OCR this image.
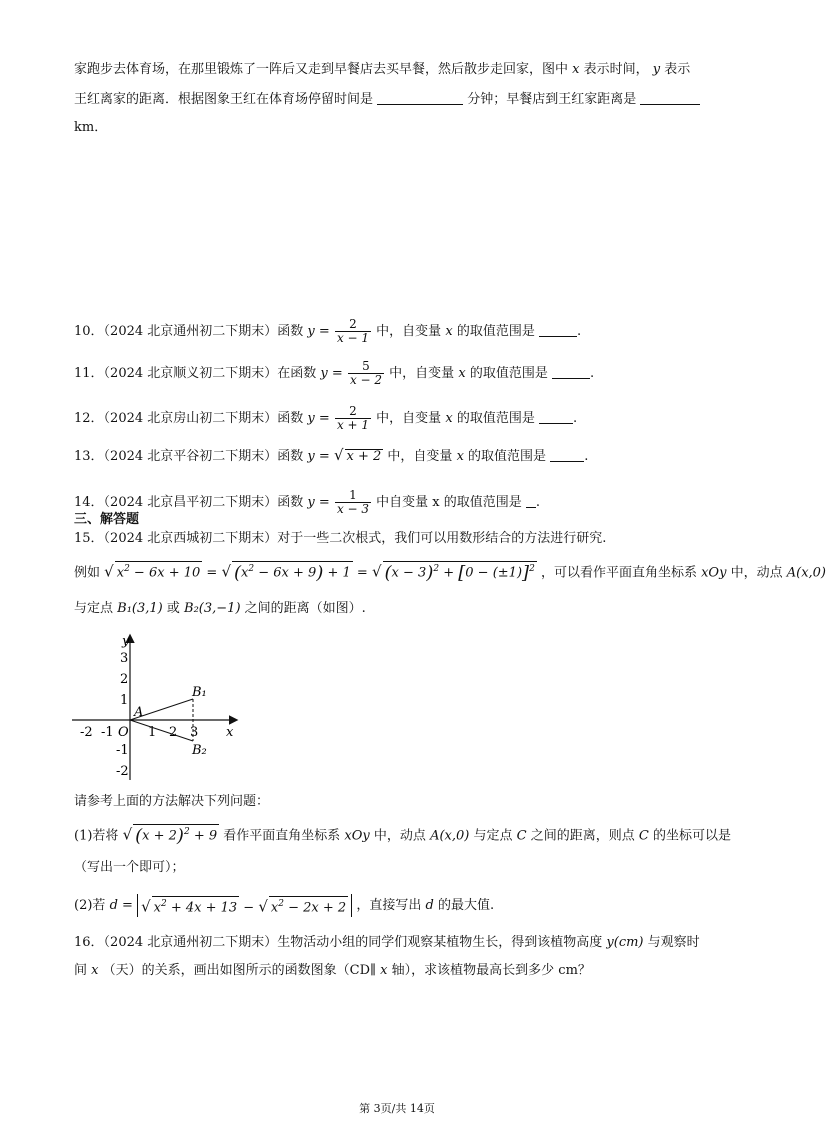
家跑步去体育场，在那里锻炼了一阵后又走到早餐店去买早餐，然后散步走回家，图中 x 表示时间， y 表示
王红离家的距离．根据图象王红在体育场停留时间是	分钟；早餐店到王红家距离是
km．
10．（2024 北京通州初二下期末）函数 $y = \frac{2}{x - 1}$ 中，自变量 x 的取值范围是	.
11．（2024 北京顺义初二下期末）在函数 $y = \frac{5}{x - 2}$ 中，自变量 x 的取值范围是	.
12．（2024 北京房山初二下期末）函数 $y = \frac{2}{x + 1}$ 中，自变量 x 的取值范围是	.
13．（2024 北京平谷初二下期末）函数 y = √ x + 2 中，自变量 x 的取值范围是	.
14．（2024 北京昌平初二下期末）函数 $y = \frac{1}{x - 3}$ 中自变量 x 的取值范围是 .
三、解答题
15．（2024 北京西城初二下期末）对于一些二次根式，我们可以用数形结合的方法进行研究.
例如 √ $x^2 - 6x + 10$ = √ $(x^2 - 6x + 9) + 1$ = √ $(x - 3)^2 + [0 - (\pm 1)]^2$ ，可以看作平面直角坐标系 xOy 中，动点 A(x,0)
与定点 B₁(3,1) 或 B₂(3,−1) 之间的距离（如图）.
y
x
O
-2 -1	1 2 3
3
2
1
-1
-2
A
B₁
B₂
请参考上面的方法解决下列问题：
(1)若将 √ $(x + 2)^2 + 9$ 看作平面直角坐标系 xOy 中，动点 A(x,0) 与定点 C 之间的距离，则点 C 的坐标可以是
（写出一个即可）；
(2)若 d = √ $x^2 + 4x + 13$ − √ $x^2 - 2x + 2$ ，直接写出 d 的最大值.
16．（2024 北京通州初二下期末）生物活动小组的同学们观察某植物生长，得到该植物高度 y(cm) 与观察时
间 x （天）的关系，画出如图所示的函数图象（CD∥ x 轴），求该植物最高长到多少 cm？
第 3页/共 14页
